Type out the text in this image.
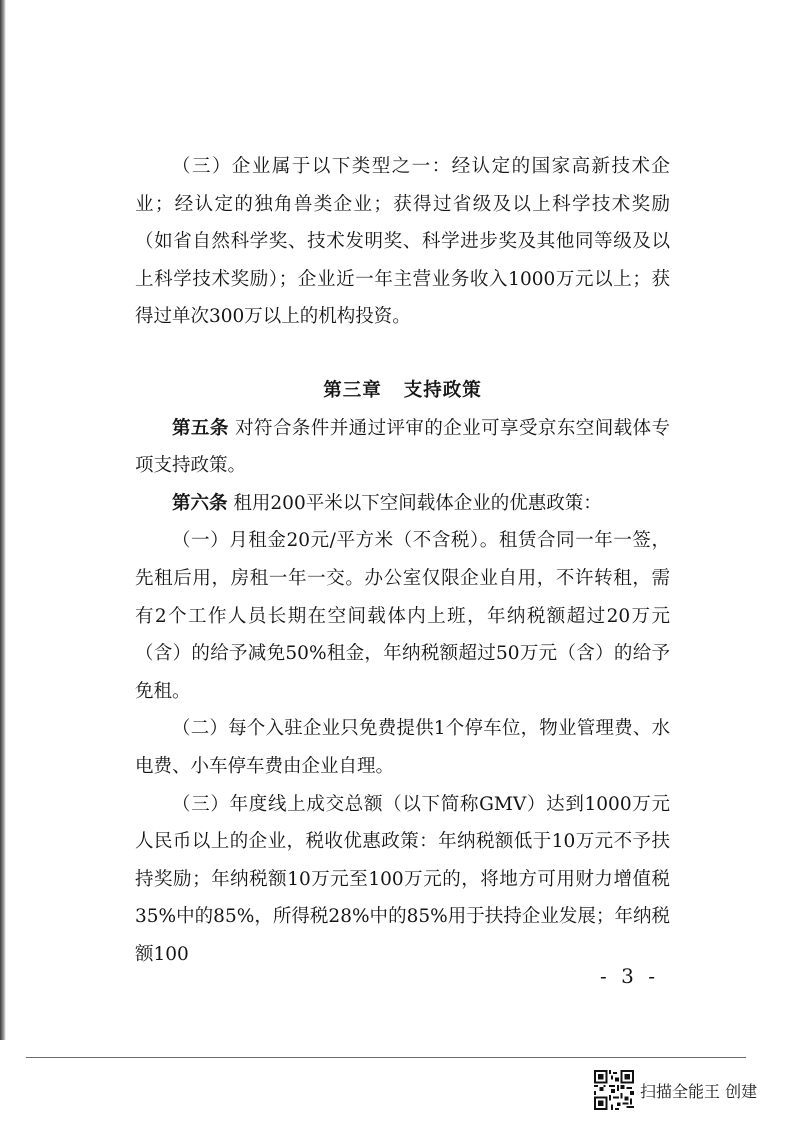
（三）企业属于以下类型之一：经认定的国家高新技术企业；经认定的独角兽类企业；获得过省级及以上科学技术奖励（如省自然科学奖、技术发明奖、科学进步奖及其他同等级及以上科学技术奖励）；企业近一年主营业务收入1000万元以上；获得过单次300万以上的机构投资。

第三章 支持政策

第五条 对符合条件并通过评审的企业可享受京东空间载体专项支持政策。

第六条 租用200平米以下空间载体企业的优惠政策：

（一）月租金20元/平方米（不含税）。租赁合同一年一签，先租后用，房租一年一交。办公室仅限企业自用，不许转租，需有2个工作人员长期在空间载体内上班，年纳税额超过20万元（含）的给予减免50%租金，年纳税额超过50万元（含）的给予免租。

（二）每个入驻企业只免费提供1个停车位，物业管理费、水电费、小车停车费由企业自理。

（三）年度线上成交总额（以下简称GMV）达到1000万元人民币以上的企业，税收优惠政策：年纳税额低于10万元不予扶持奖励；年纳税额10万元至100万元的，将地方可用财力增值税35%中的85%，所得税28%中的85%用于扶持企业发展；年纳税额100

- 3 -
扫描全能王 创建
